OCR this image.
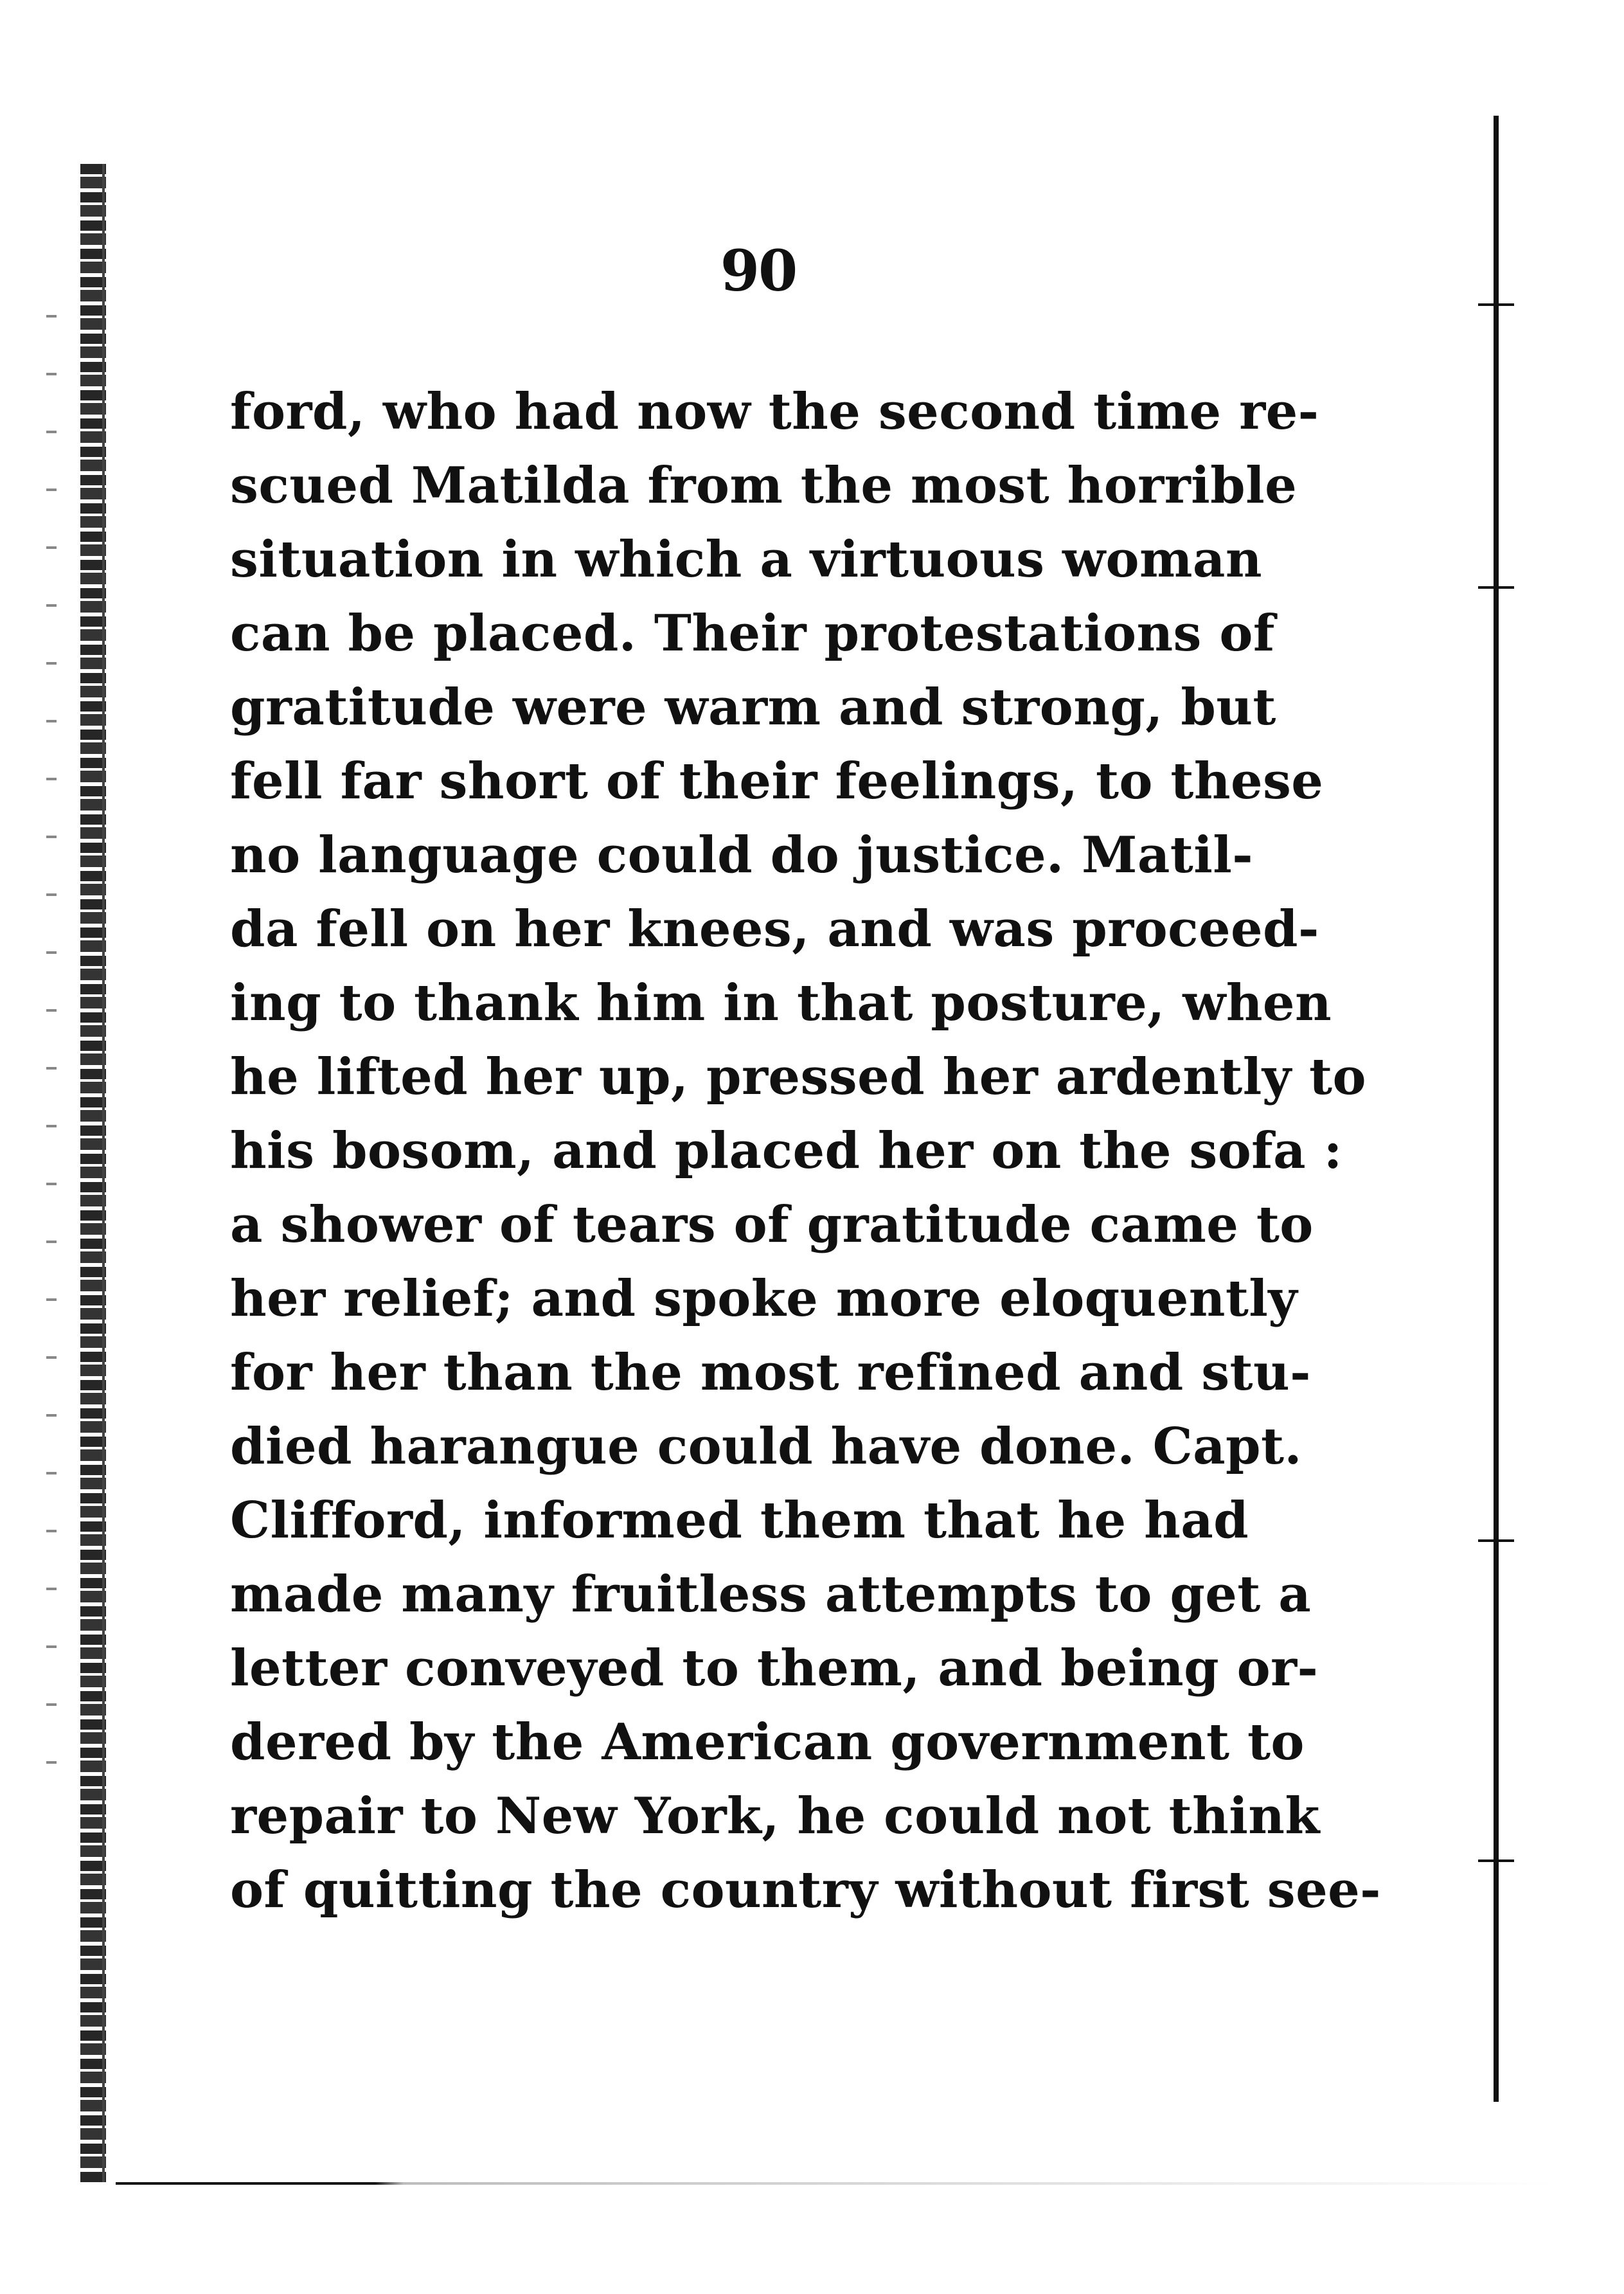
90
ford, who had now the second time re-
scued Matilda from the most horrible
situation in which a virtuous woman
can be placed. Their protestations of
gratitude were warm and strong, but
fell far short of their feelings, to these
no language could do justice. Matil-
da fell on her knees, and was proceed-
ing to thank him in that posture, when
he lifted her up, pressed her ardently to
his bosom, and placed her on the sofa :
a shower of tears of gratitude came to
her relief; and spoke more eloquently
for her than the most refined and stu-
died harangue could have done. Capt.
Clifford, informed them that he had
made many fruitless attempts to get a
letter conveyed to them, and being or-
dered by the American government to
repair to New York, he could not think
of quitting the country without first see-
